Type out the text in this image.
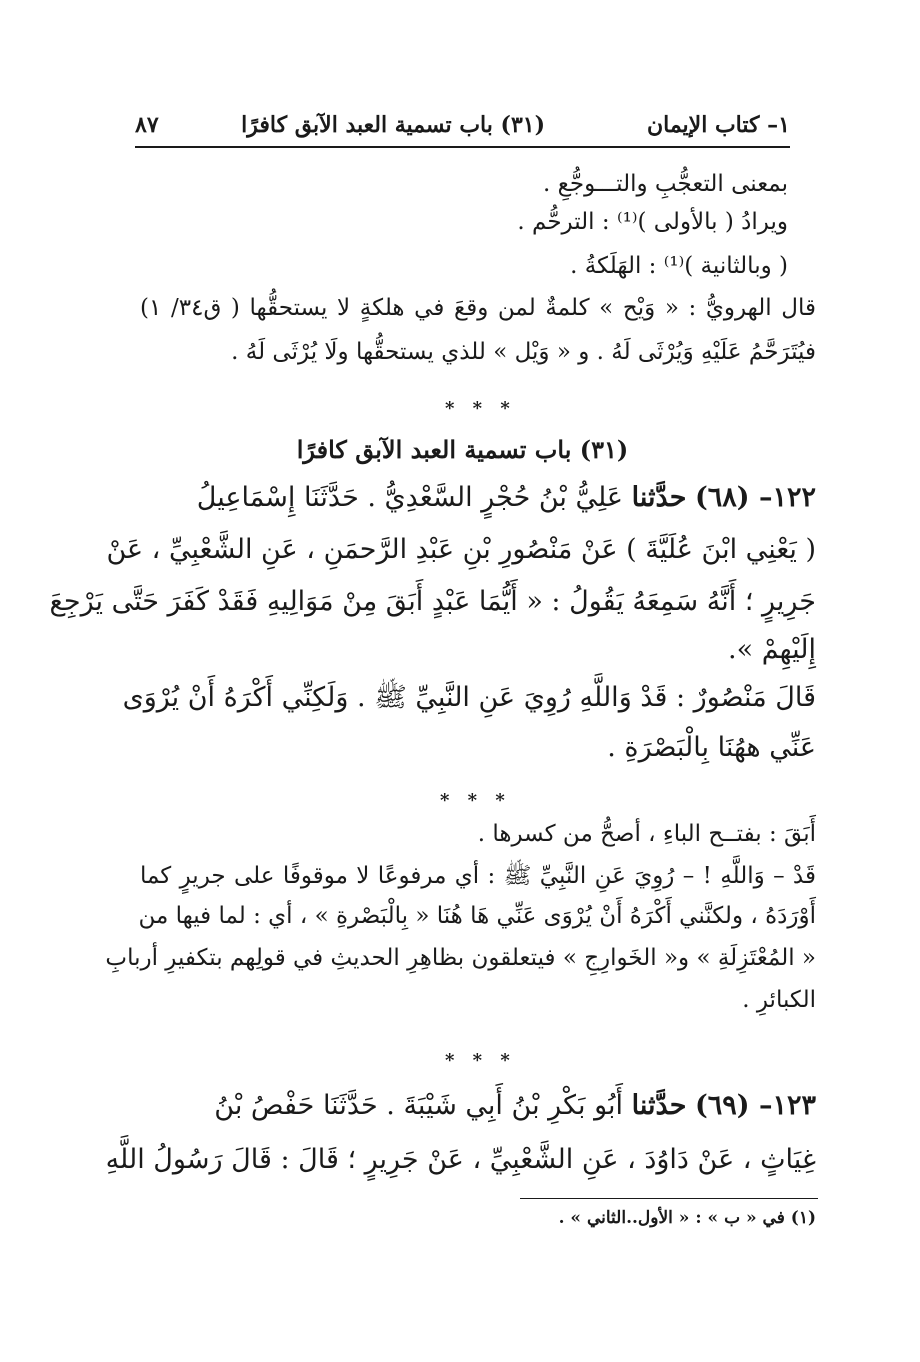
١– كتاب الإيمان
(٣١) باب تسمية العبد الآبق كافرًا
٨٧
بمعنى التعجُّبِ والتـــوجُّعِ .
ويرادُ ( بالأولى )⁽¹⁾ : الترحُّم .
( وبالثانية )⁽¹⁾ : الهَلَكةُ .
قال الهرويُّ : « وَيْح » كلمةٌ لمن وقعَ في هلكةٍ لا يستحقُّها ( ق٣٤/ ١)
فيُتَرَحَّمُ عَلَيْهِ وَيُرْثَى لَهُ . و « وَيْل » للذي يستحقُّها ولَا يُرْثَى لَهُ .
* * *
(٣١) باب تسمية العبد الآبق كافرًا
١٢٢– (٦٨) حدَّثنا عَلِيُّ بْنُ حُجْرٍ السَّعْدِيُّ . حَدَّثَنَا إِسْمَاعِيلُ
( يَعْنِي ابْنَ عُلَيَّةَ ) عَنْ مَنْصُورِ بْنِ عَبْدِ الرَّحمَنِ ، عَنِ الشَّعْبِيِّ ، عَنْ
جَرِيرٍ ؛ أَنَّهُ سَمِعَهُ يَقُولُ : « أَيُّمَا عَبْدٍ أَبَقَ مِنْ مَوَالِيهِ فَقَدْ كَفَرَ حَتَّى يَرْجِعَ
إِلَيْهِمْ ».
قَالَ مَنْصُورٌ : قَدْ وَاللَّهِ رُوِيَ عَنِ النَّبِيِّ ﷺ . وَلَكِنِّي أَكْرَهُ أَنْ يُرْوَى
عَنِّي ههُنَا بِالْبَصْرَةِ .
* * *
أَبَقَ : بفتــح الباءِ ، أصحُّ من كسرها .
قَدْ – وَاللَّهِ ! – رُوِيَ عَنِ النَّبِيِّ ﷺ : أي مرفوعًا لا موقوفًا على جريرٍ كما
أَوْرَدَهُ ، ولكنَّني أَكْرَهُ أَنْ يُرْوَى عَنِّي هَا هُنَا « بِالْبَصْرةِ » ، أي : لما فيها من
« المُعْتَزِلَةِ » و« الخَوارِجِ » فيتعلقون بظاهِرِ الحديثِ في قولِهم بتكفيرِ أربابِ
الكبائرِ .
* * *
١٢٣– (٦٩) حدَّثنا أَبُو بَكْرِ بْنُ أَبِي شَيْبَةَ . حَدَّثَنَا حَفْصُ بْنُ
غِيَاثٍ ، عَنْ دَاوُدَ ، عَنِ الشَّعْبِيِّ ، عَنْ جَرِيرٍ ؛ قَالَ : قَالَ رَسُولُ اللَّهِ
(١) في « ب » : « الأول..الثاني » .
